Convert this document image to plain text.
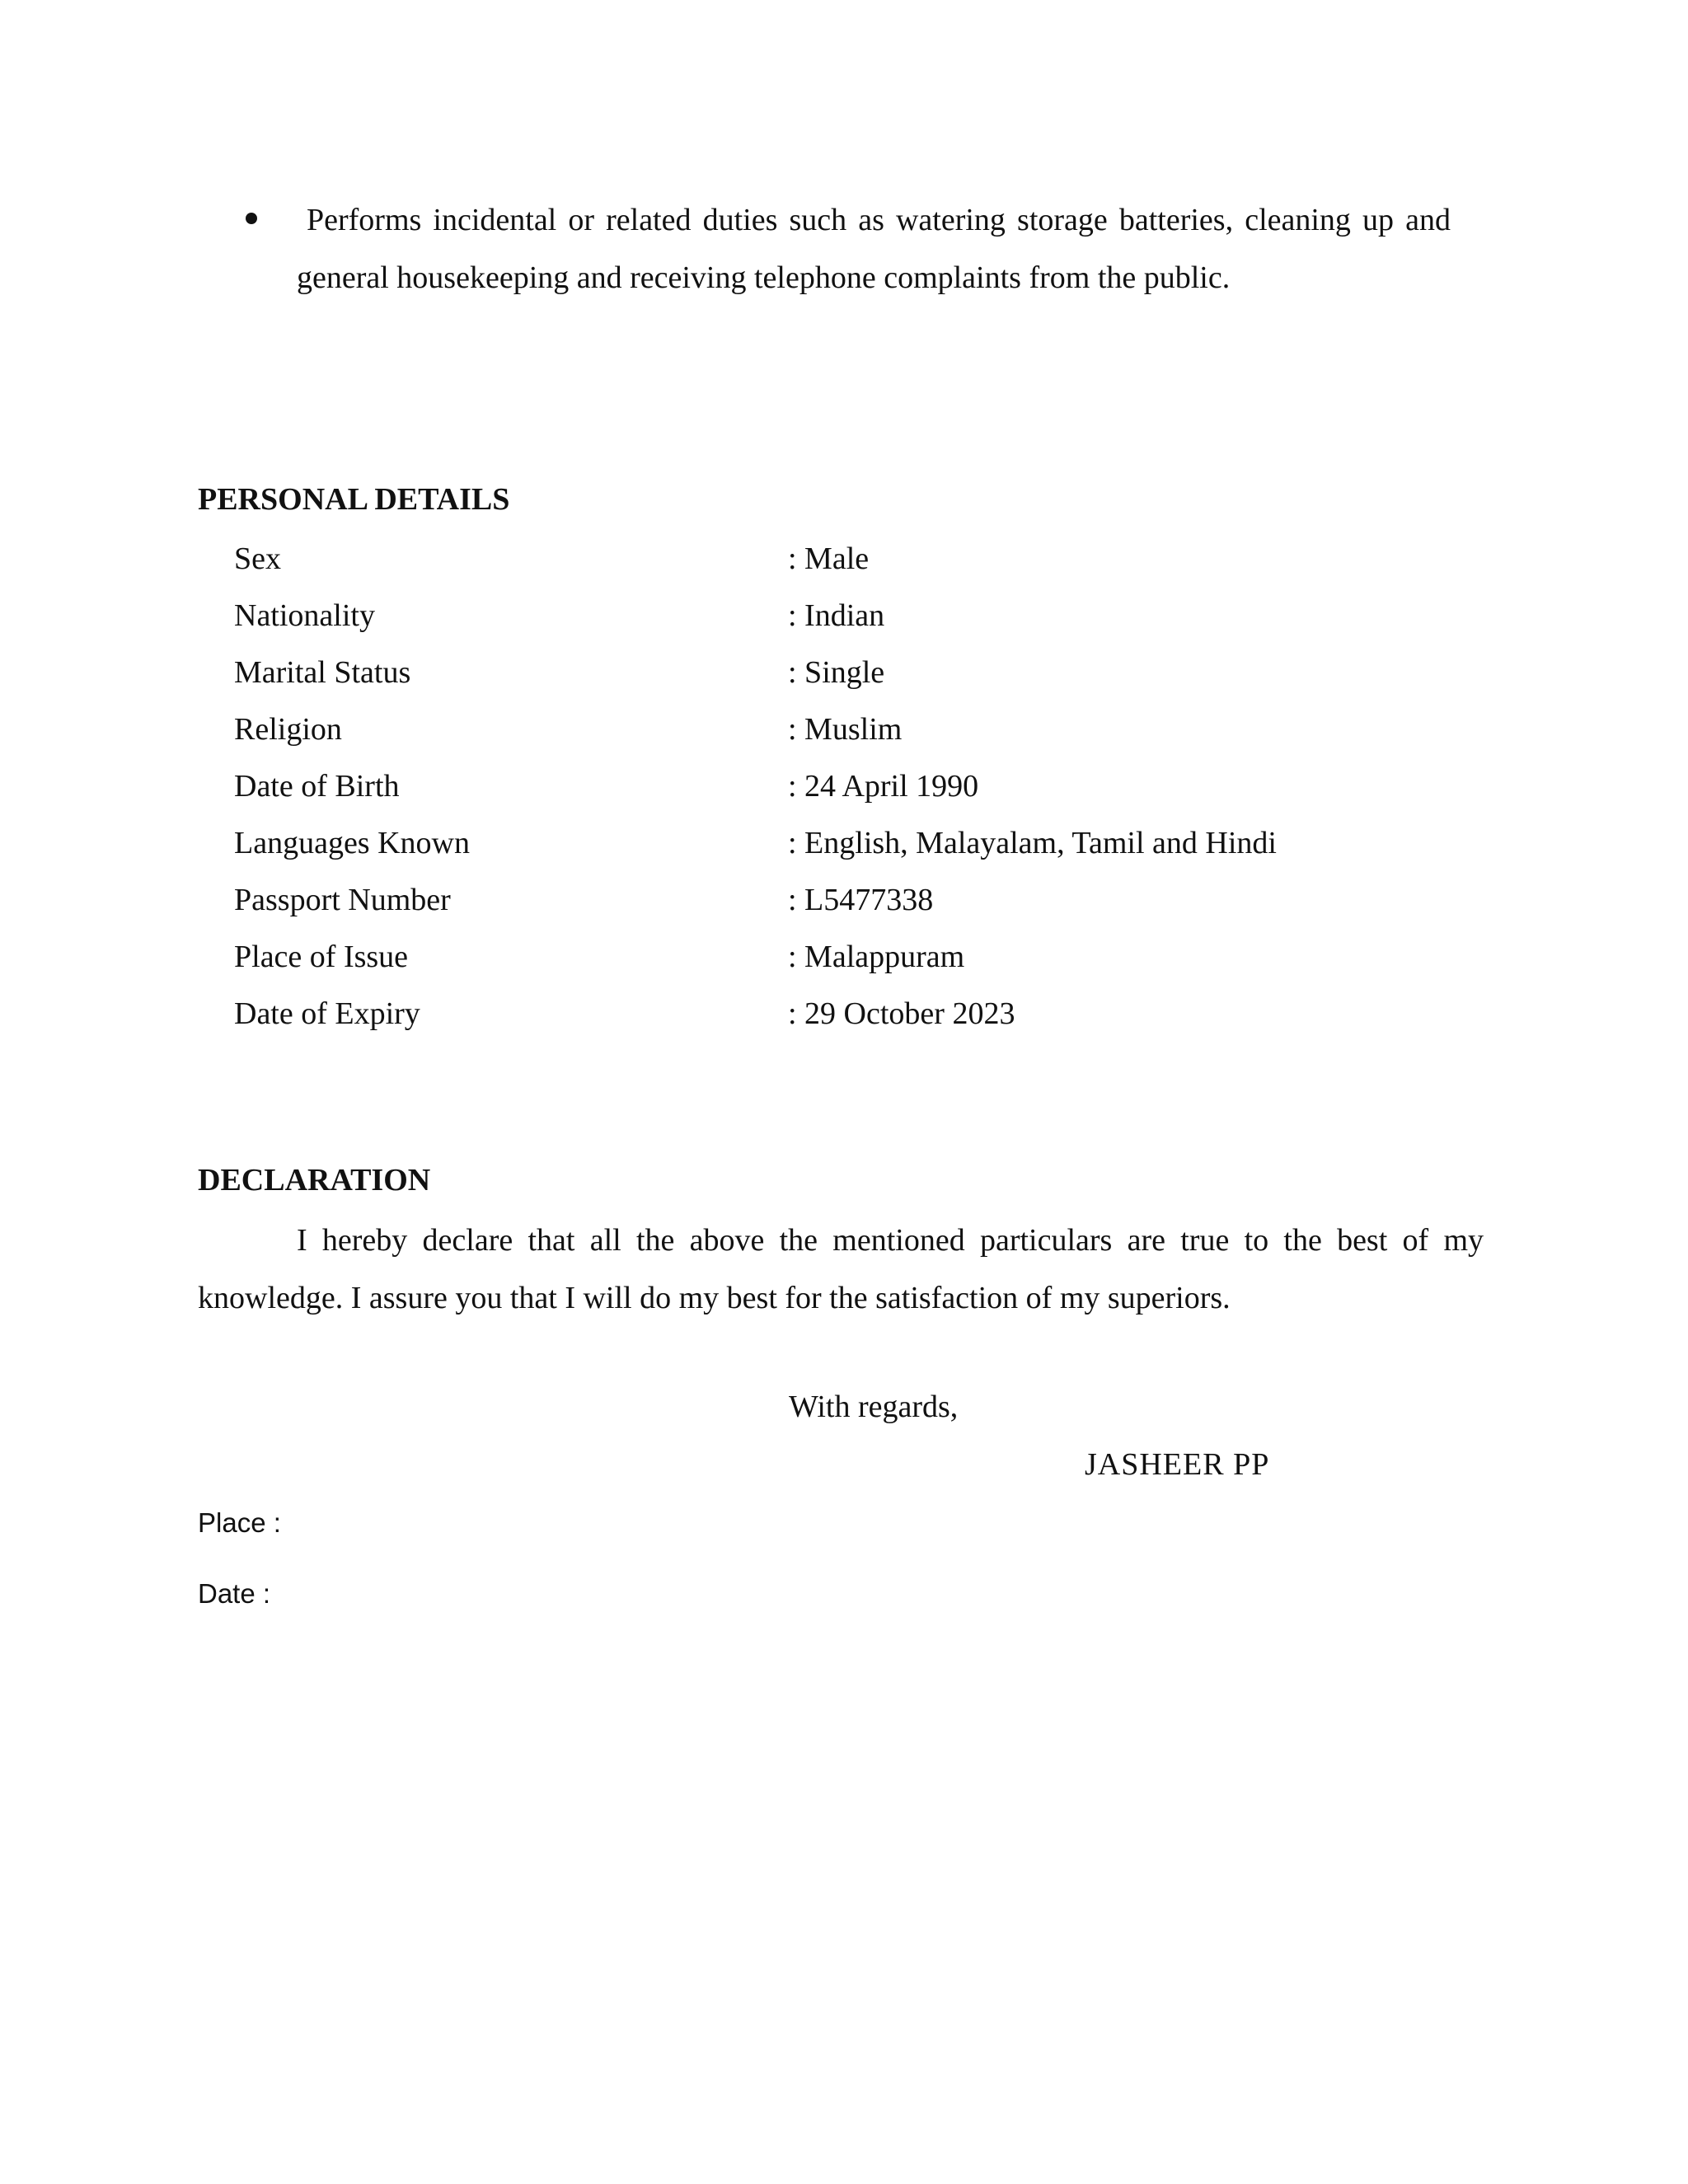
Performs incidental or related duties such as watering storage batteries, cleaning up and general housekeeping and receiving telephone complaints from the public.
PERSONAL DETAILS
Sex	: Male
Nationality	: Indian
Marital Status	: Single
Religion	: Muslim
Date of Birth	: 24 April 1990
Languages Known	: English, Malayalam, Tamil and Hindi
Passport Number	: L5477338
Place of Issue	: Malappuram
Date of Expiry	: 29 October 2023
DECLARATION
I hereby declare that all the above the mentioned particulars are true to the best of my knowledge. I assure you that I will do my best for the satisfaction of my superiors.
With regards,
JASHEER PP
Place :
Date :
